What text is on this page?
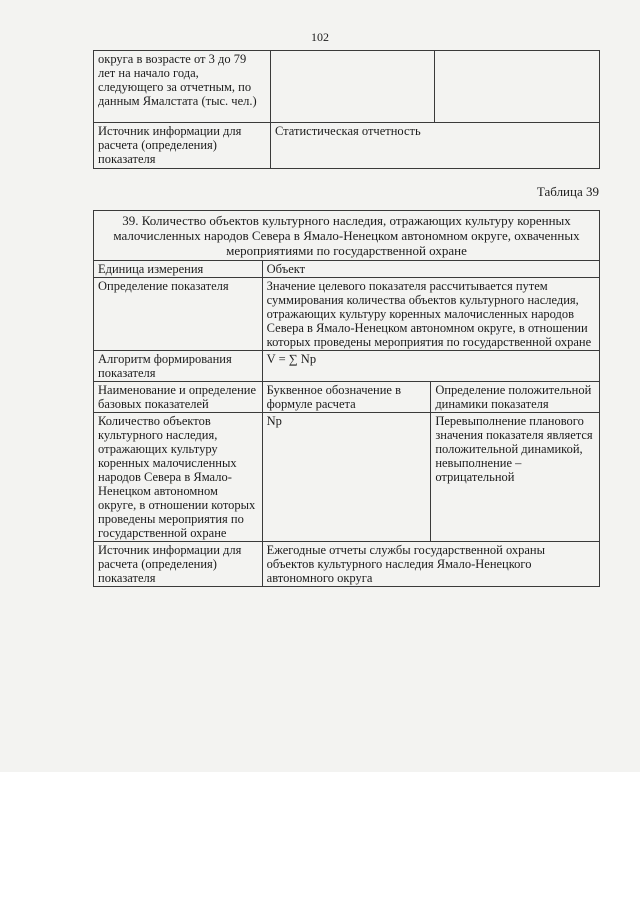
102
округа в возрасте от 3 до 79 лет на начало года, следующего за отчетным, по данным Ямалстата (тыс. чел.)		
Источник информации для расчета (определения) показателя	Статистическая отчетность	
Таблица 39
39. Количество объектов культурного наследия, отражающих культуру коренных малочисленных народов Севера в Ямало-Ненецком автономном округе, охваченных мероприятиями по государственной охране		
Единица измерения	Объект	
Определение показателя	Значение целевого показателя рассчитывается путем суммирования количества объектов культурного наследия, отражающих культуру коренных малочисленных народов Севера в Ямало-Ненецком автономном округе, в отношении которых проведены мероприятия по государственной охране	
Алгоритм формирования показателя	V = ∑ Np	
Наименование и определение базовых показателей	Буквенное обозначение в формуле расчета	Определение положительной динамики показателя
Количество объектов культурного наследия, отражающих культуру коренных малочисленных народов Севера в Ямало-Ненецком автономном округе, в отношении которых проведены мероприятия по государственной охране	Np	Перевыполнение планового значения показателя является положительной динамикой, невыполнение – отрицательной
Источник информации для расчета (определения) показателя	Ежегодные отчеты службы государственной охраны объектов культурного наследия Ямало-Ненецкого автономного округа	
